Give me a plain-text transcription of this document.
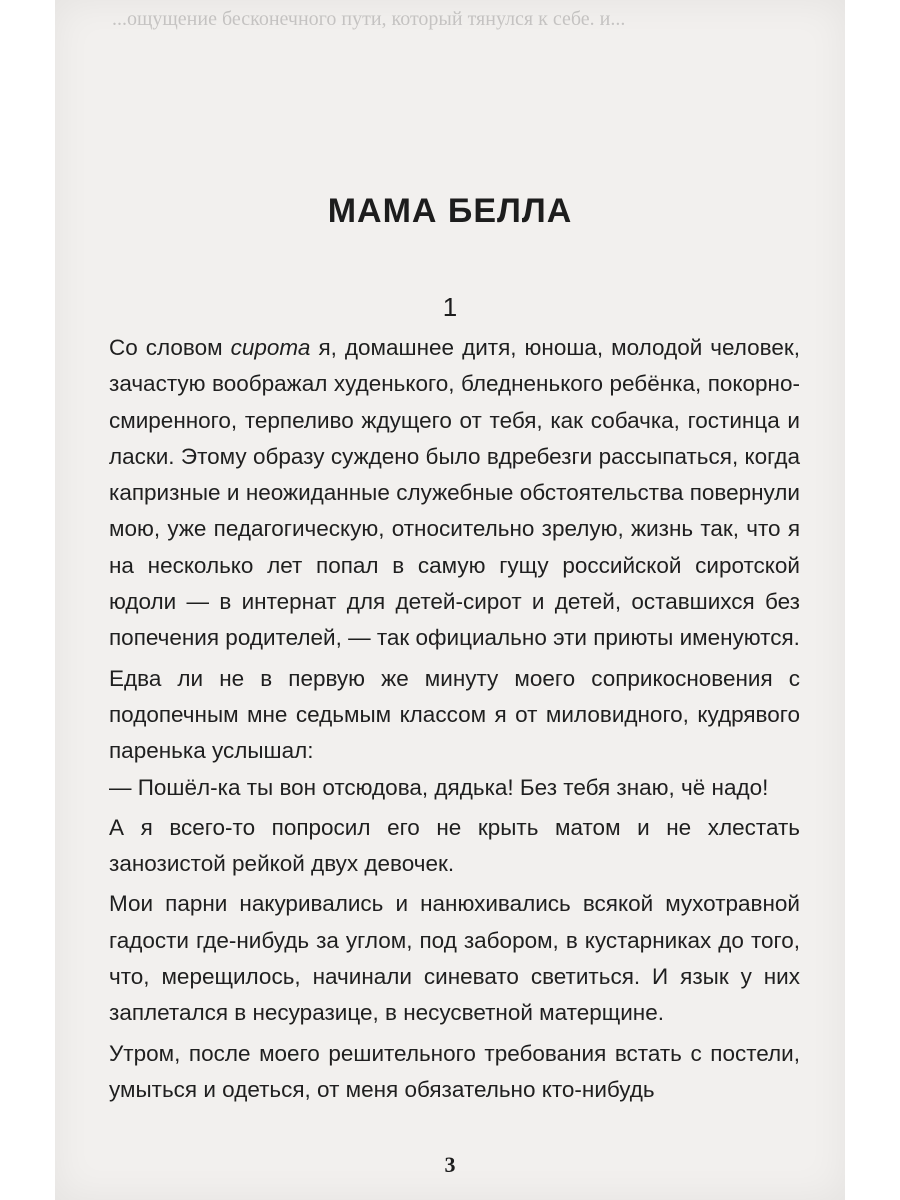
...ощущение бесконечного пути, который тянулся к себе. и...
МАМА БЕЛЛА
1

Со словом сирота я, домашнее дитя, юноша, молодой человек, зачастую воображал худенького, бледненького ребёнка, покорно-смиренного, терпеливо ждущего от тебя, как собачка, гостинца и ласки. Этому образу суждено было вдребезги рассыпаться, когда капризные и неожиданные служебные обстоятельства повернули мою, уже педагогическую, относительно зрелую, жизнь так, что я на несколько лет попал в самую гущу российской сиротской юдоли — в интернат для детей-сирот и детей, оставшихся без попечения родителей, — так официально эти приюты именуются.

Едва ли не в первую же минуту моего соприкосновения с подопечным мне седьмым классом я от миловидного, кудрявого паренька услышал:

— Пошёл-ка ты вон отсюдова, дядька! Без тебя знаю, чё надо!

А я всего-то попросил его не крыть матом и не хлестать занозистой рейкой двух девочек.

Мои парни накуривались и нанюхивались всякой мухотравной гадости где-нибудь за углом, под забором, в кустарниках до того, что, мерещилось, начинали синевато светиться. И язык у них заплетался в несуразице, в несусветной матерщине.

Утром, после моего решительного требования встать с постели, умыться и одеться, от меня обязательно кто-нибудь

3
